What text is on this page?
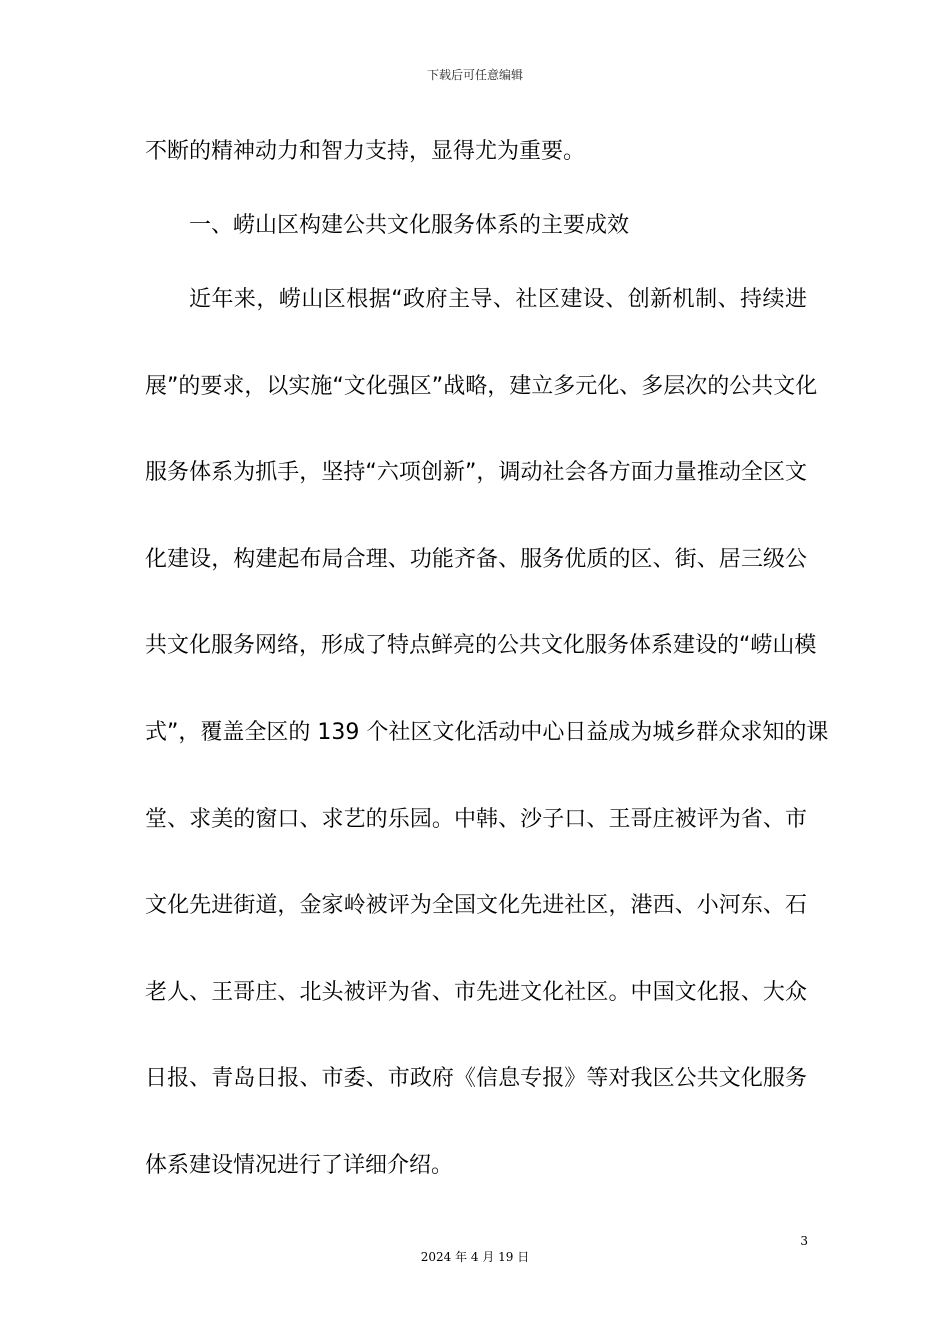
下载后可任意编辑
不断的精神动力和智力支持，显得尤为重要。
一、崂山区构建公共文化服务体系的主要成效
近年来，崂山区根据“政府主导、社区建设、创新机制、持续进
展”的要求，以实施“文化强区”战略，建立多元化、多层次的公共文化
服务体系为抓手，坚持“六项创新”，调动社会各方面力量推动全区文
化建设，构建起布局合理、功能齐备、服务优质的区、街、居三级公
共文化服务网络，形成了特点鲜亮的公共文化服务体系建设的“崂山模
式”，覆盖全区的 139 个社区文化活动中心日益成为城乡群众求知的课
堂、求美的窗口、求艺的乐园。中韩、沙子口、王哥庄被评为省、市
文化先进街道，金家岭被评为全国文化先进社区，港西、小河东、石
老人、王哥庄、北头被评为省、市先进文化社区。中国文化报、大众
日报、青岛日报、市委、市政府《信息专报》等对我区公共文化服务
体系建设情况进行了详细介绍。
3
2024 年 4 月 19 日
